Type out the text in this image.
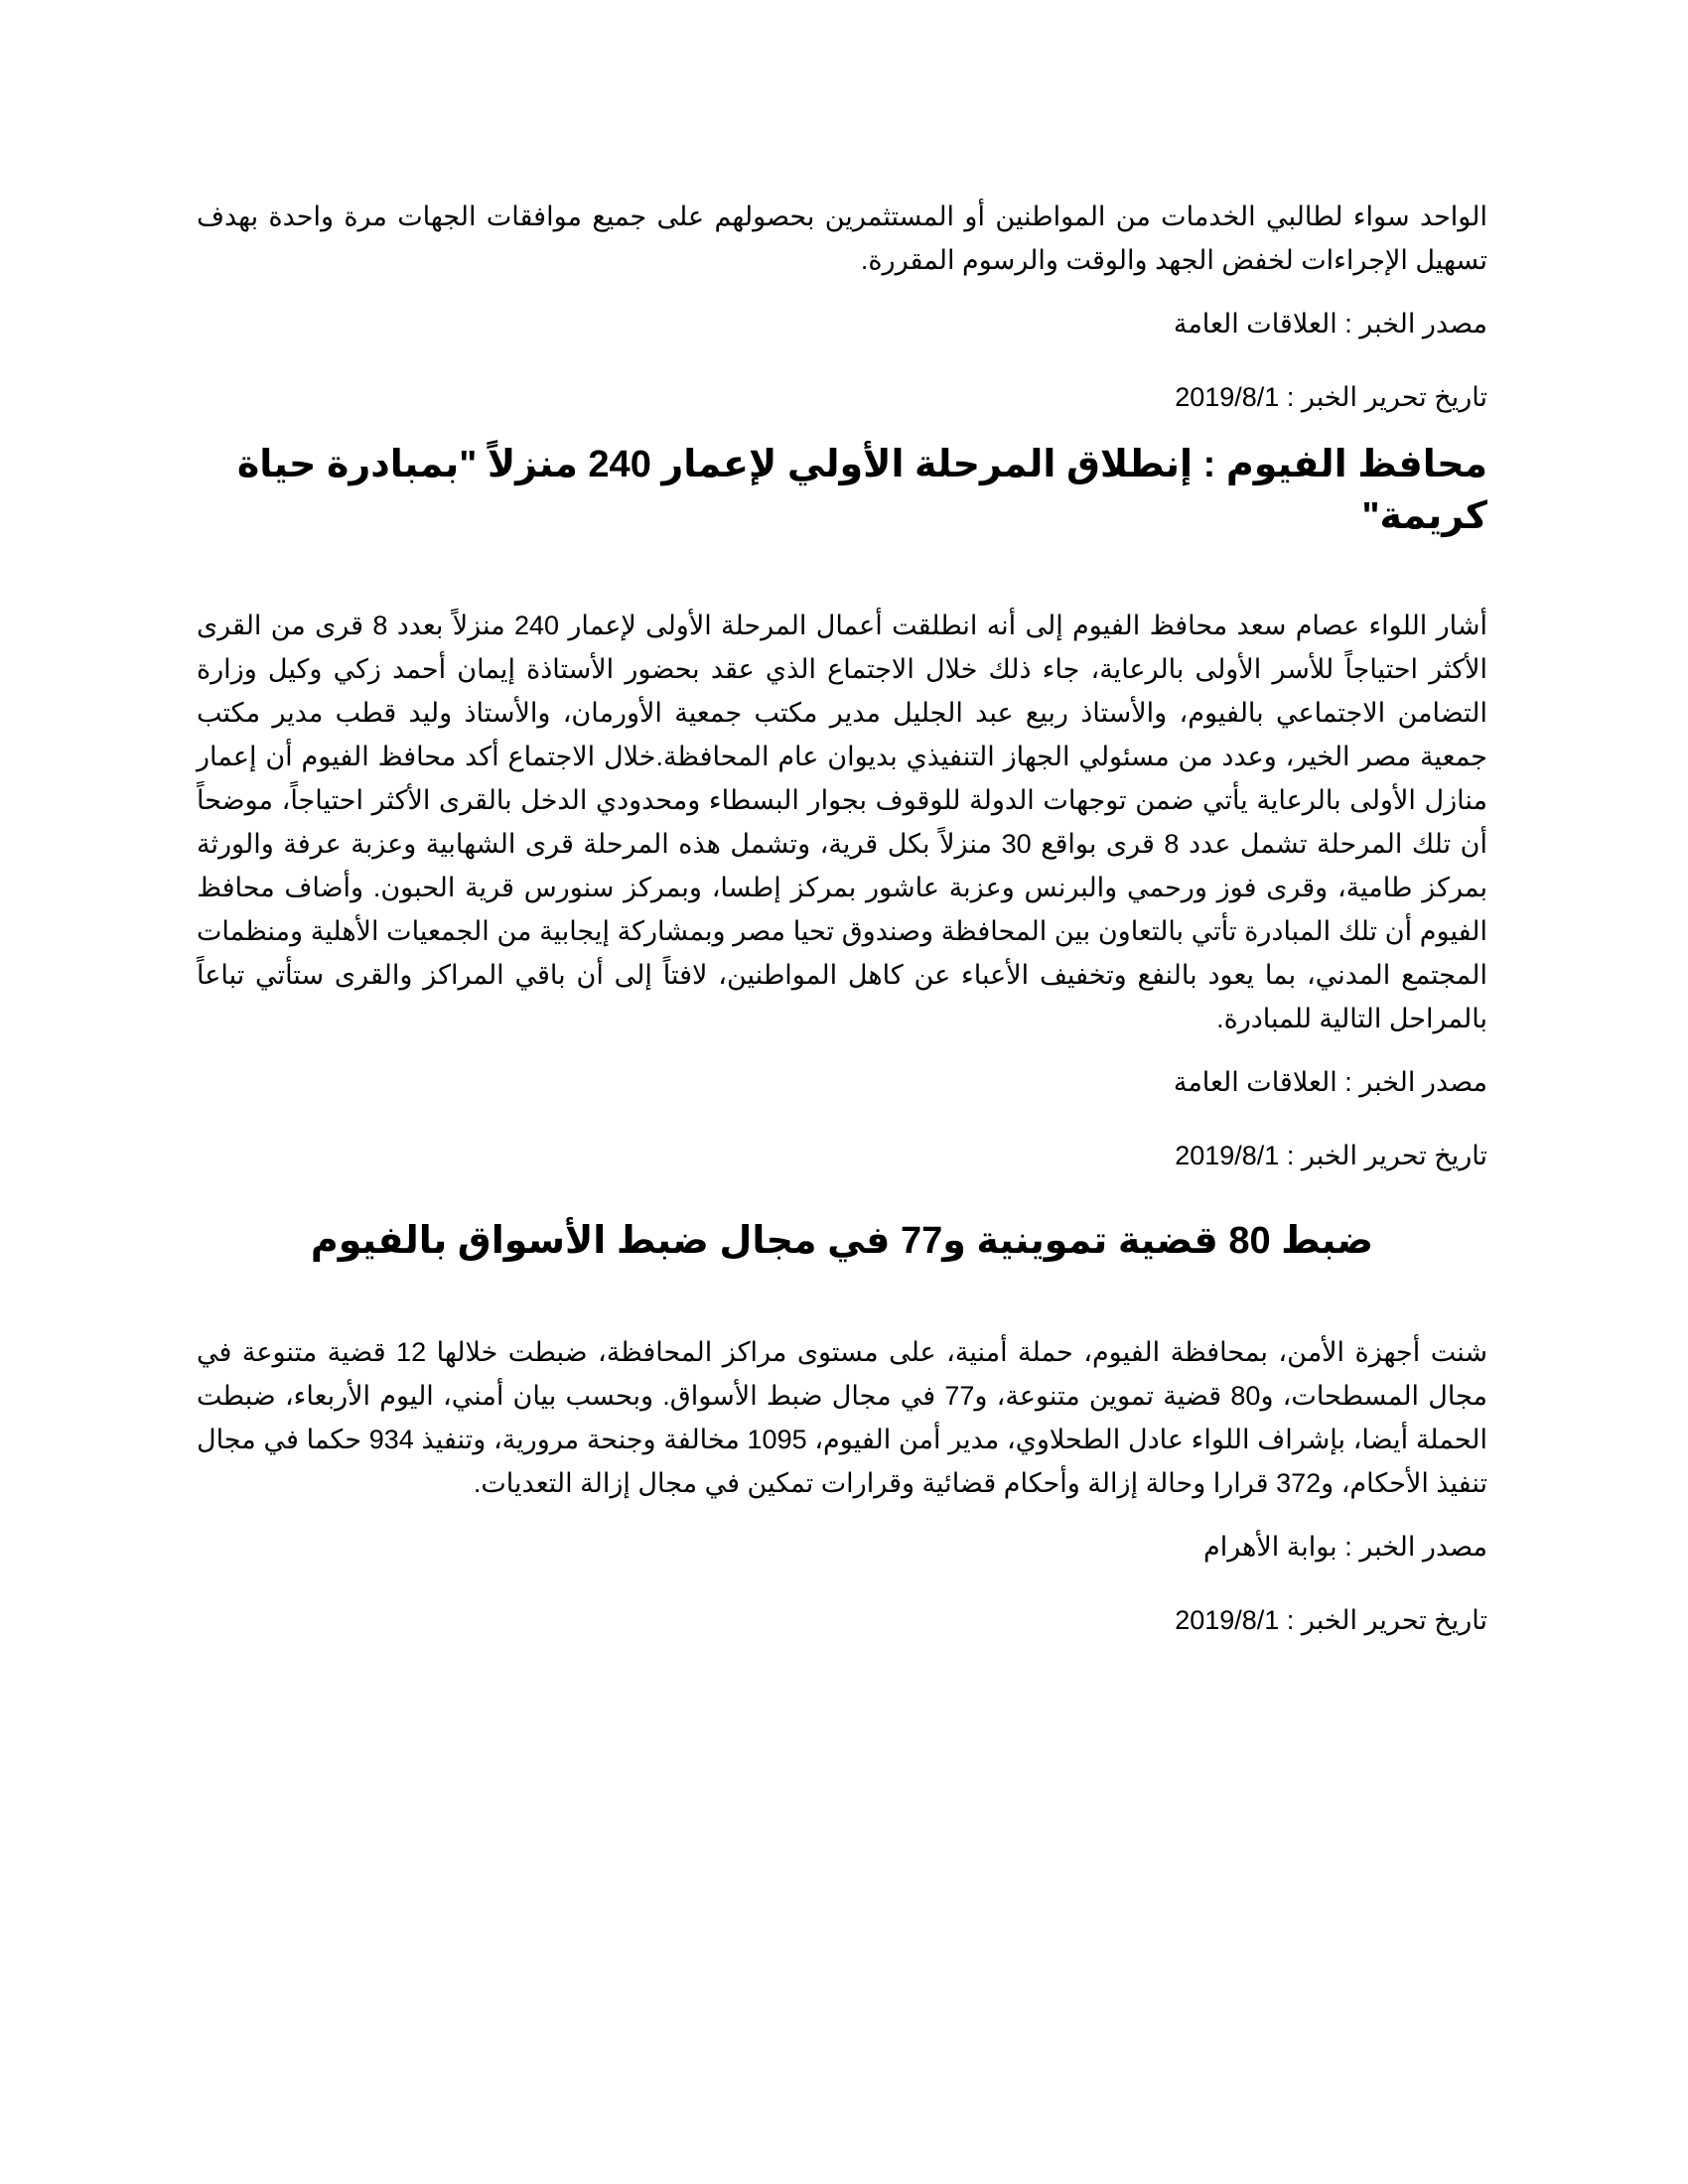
الواحد سواء لطالبي الخدمات من المواطنين أو المستثمرين بحصولهم على جميع موافقات الجهات مرة واحدة بهدف تسهيل الإجراءات لخفض الجهد والوقت والرسوم المقررة.

مصدر الخبر : العلاقات العامة

تاريخ تحرير الخبر : 2019/8/1

محافظ الفيوم : إنطلاق المرحلة الأولي لإعمار 240 منزلاً "بمبادرة حياة كريمة"

أشار اللواء عصام سعد محافظ الفيوم إلى أنه انطلقت أعمال المرحلة الأولى لإعمار 240 منزلاً بعدد 8 قرى من القرى الأكثر احتياجاً للأسر الأولى بالرعاية، جاء ذلك خلال الاجتماع الذي عقد بحضور الأستاذة إيمان أحمد زكي وكيل وزارة التضامن الاجتماعي بالفيوم، والأستاذ ربيع عبد الجليل مدير مكتب جمعية الأورمان، والأستاذ وليد قطب مدير مكتب جمعية مصر الخير، وعدد من مسئولي الجهاز التنفيذي بديوان عام المحافظة.خلال الاجتماع أكد محافظ الفيوم أن إعمار منازل الأولى بالرعاية يأتي ضمن توجهات الدولة للوقوف بجوار البسطاء ومحدودي الدخل بالقرى الأكثر احتياجاً، موضحاً أن تلك المرحلة تشمل عدد 8 قرى بواقع 30 منزلاً بكل قرية، وتشمل هذه المرحلة قرى الشهابية وعزبة عرفة والورثة بمركز طامية، وقرى فوز ورحمي والبرنس وعزبة عاشور بمركز إطسا، وبمركز سنورس قرية الحبون. وأضاف محافظ الفيوم أن تلك المبادرة تأتي بالتعاون بين المحافظة وصندوق تحيا مصر وبمشاركة إيجابية من الجمعيات الأهلية ومنظمات المجتمع المدني، بما يعود بالنفع وتخفيف الأعباء عن كاهل المواطنين، لافتاً إلى أن باقي المراكز والقرى ستأتي تباعاً بالمراحل التالية للمبادرة.

مصدر الخبر : العلاقات العامة

تاريخ تحرير الخبر : 2019/8/1

ضبط 80 قضية تموينية و77 في مجال ضبط الأسواق بالفيوم

شنت أجهزة الأمن، بمحافظة الفيوم، حملة أمنية، على مستوى مراكز المحافظة، ضبطت خلالها 12 قضية متنوعة في مجال المسطحات، و80 قضية تموين متنوعة، و77 في مجال ضبط الأسواق. وبحسب بيان أمني، اليوم الأربعاء، ضبطت الحملة أيضا، بإشراف اللواء عادل الطحلاوي، مدير أمن الفيوم، 1095 مخالفة وجنحة مرورية، وتنفيذ 934 حكما في مجال تنفيذ الأحكام، و372 قرارا وحالة إزالة وأحكام قضائية وقرارات تمكين في مجال إزالة التعديات.

مصدر الخبر : بوابة الأهرام

تاريخ تحرير الخبر : 2019/8/1
